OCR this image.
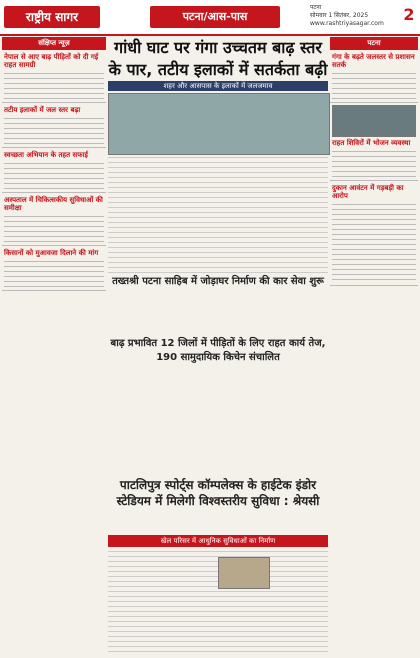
राष्ट्रीय सागर	पटना/आस-पास
पटना
सोमवार 1 सितंबर, 2025
www.rashtriyasagar.com	2
संक्षिप्त न्यूज़
नेपाल से आए बाढ़ पीड़ितों को दी गई राहत सामग्री
तटीय इलाकों में जल स्तर बढ़ा
स्वच्छता अभियान के तहत सफाई
अस्पताल में चिकित्सकीय सुविधाओं की समीक्षा
किसानों को मुआवजा दिलाने की मांग
गांधी घाट पर गंगा उच्चतम बाढ़ स्तर के पार, तटीय इलाकों में सतर्कता बढ़ी
शहर और आसपास के इलाकों में जलजमाव
तख्तश्री पटना साहिब में जोड़ाघर निर्माण की कार सेवा शुरू
बाढ़ प्रभावित 12 जिलों में पीड़ितों के लिए राहत कार्य तेज, 190 सामुदायिक किचेन संचालित
पाटलिपुत्र स्पोर्ट्स कॉम्पलेक्स के हाईटेक इंडोर स्टेडियम में मिलेगी विश्वस्तरीय सुविधा : श्रेयसी
खेल परिसर में आधुनिक सुविधाओं का निर्माण
पटना
गंगा के बढ़ते जलस्तर से प्रशासन सतर्क
राहत शिविरों में भोजन व्यवस्था
दुकान आवंटन में गड़बड़ी का आरोप
